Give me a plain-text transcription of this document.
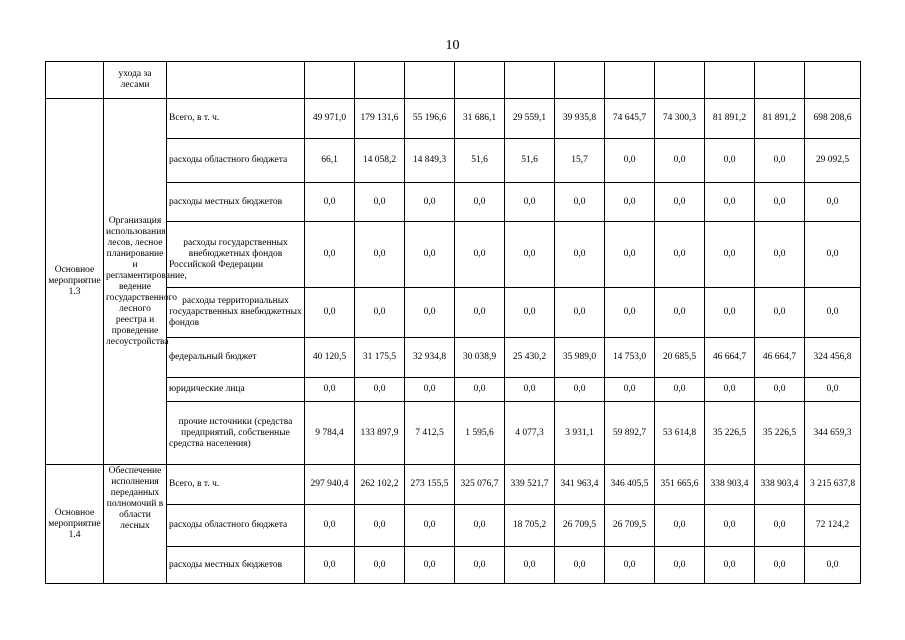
10
	ухода за лесами												
Основное мероприятие 1.3	Организация использования лесов, лесное планирование и регламентирование, ведение государственного лесного реестра и проведение лесоустройства	Всего, в т. ч.	49 971,0	179 131,6	55 196,6	31 686,1	29 559,1	39 935,8	74 645,7	74 300,3	81 891,2	81 891,2	698 208,6
		расходы областного бюджета	66,1	14 058,2	14 849,3	51,6	51,6	15,7	0,0	0,0	0,0	0,0	29 092,5
		расходы местных бюджетов	0,0	0,0	0,0	0,0	0,0	0,0	0,0	0,0	0,0	0,0	0,0
		расходы государственных внебюджетных фондов Российской Федерации	0,0	0,0	0,0	0,0	0,0	0,0	0,0	0,0	0,0	0,0	0,0
		расходы территориальных государственных внебюджетных фондов	0,0	0,0	0,0	0,0	0,0	0,0	0,0	0,0	0,0	0,0	0,0
		федеральный бюджет	40 120,5	31 175,5	32 934,8	30 038,9	25 430,2	35 989,0	14 753,0	20 685,5	46 664,7	46 664,7	324 456,8
		юридические лица	0,0	0,0	0,0	0,0	0,0	0,0	0,0	0,0	0,0	0,0	0,0
		прочие источники (средства предприятий, собственные средства населения)	9 784,4	133 897,9	7 412,5	1 595,6	4 077,3	3 931,1	59 892,7	53 614,8	35 226,5	35 226,5	344 659,3
Основное мероприятие 1.4	Обеспечение исполнения переданных полномочий в области лесных	Всего, в т. ч.	297 940,4	262 102,2	273 155,5	325 076,7	339 521,7	341 963,4	346 405,5	351 665,6	338 903,4	338 903,4	3 215 637,8
		расходы областного бюджета	0,0	0,0	0,0	0,0	18 705,2	26 709,5	26 709,5	0,0	0,0	0,0	72 124,2
		расходы местных бюджетов	0,0	0,0	0,0	0,0	0,0	0,0	0,0	0,0	0,0	0,0	0,0
